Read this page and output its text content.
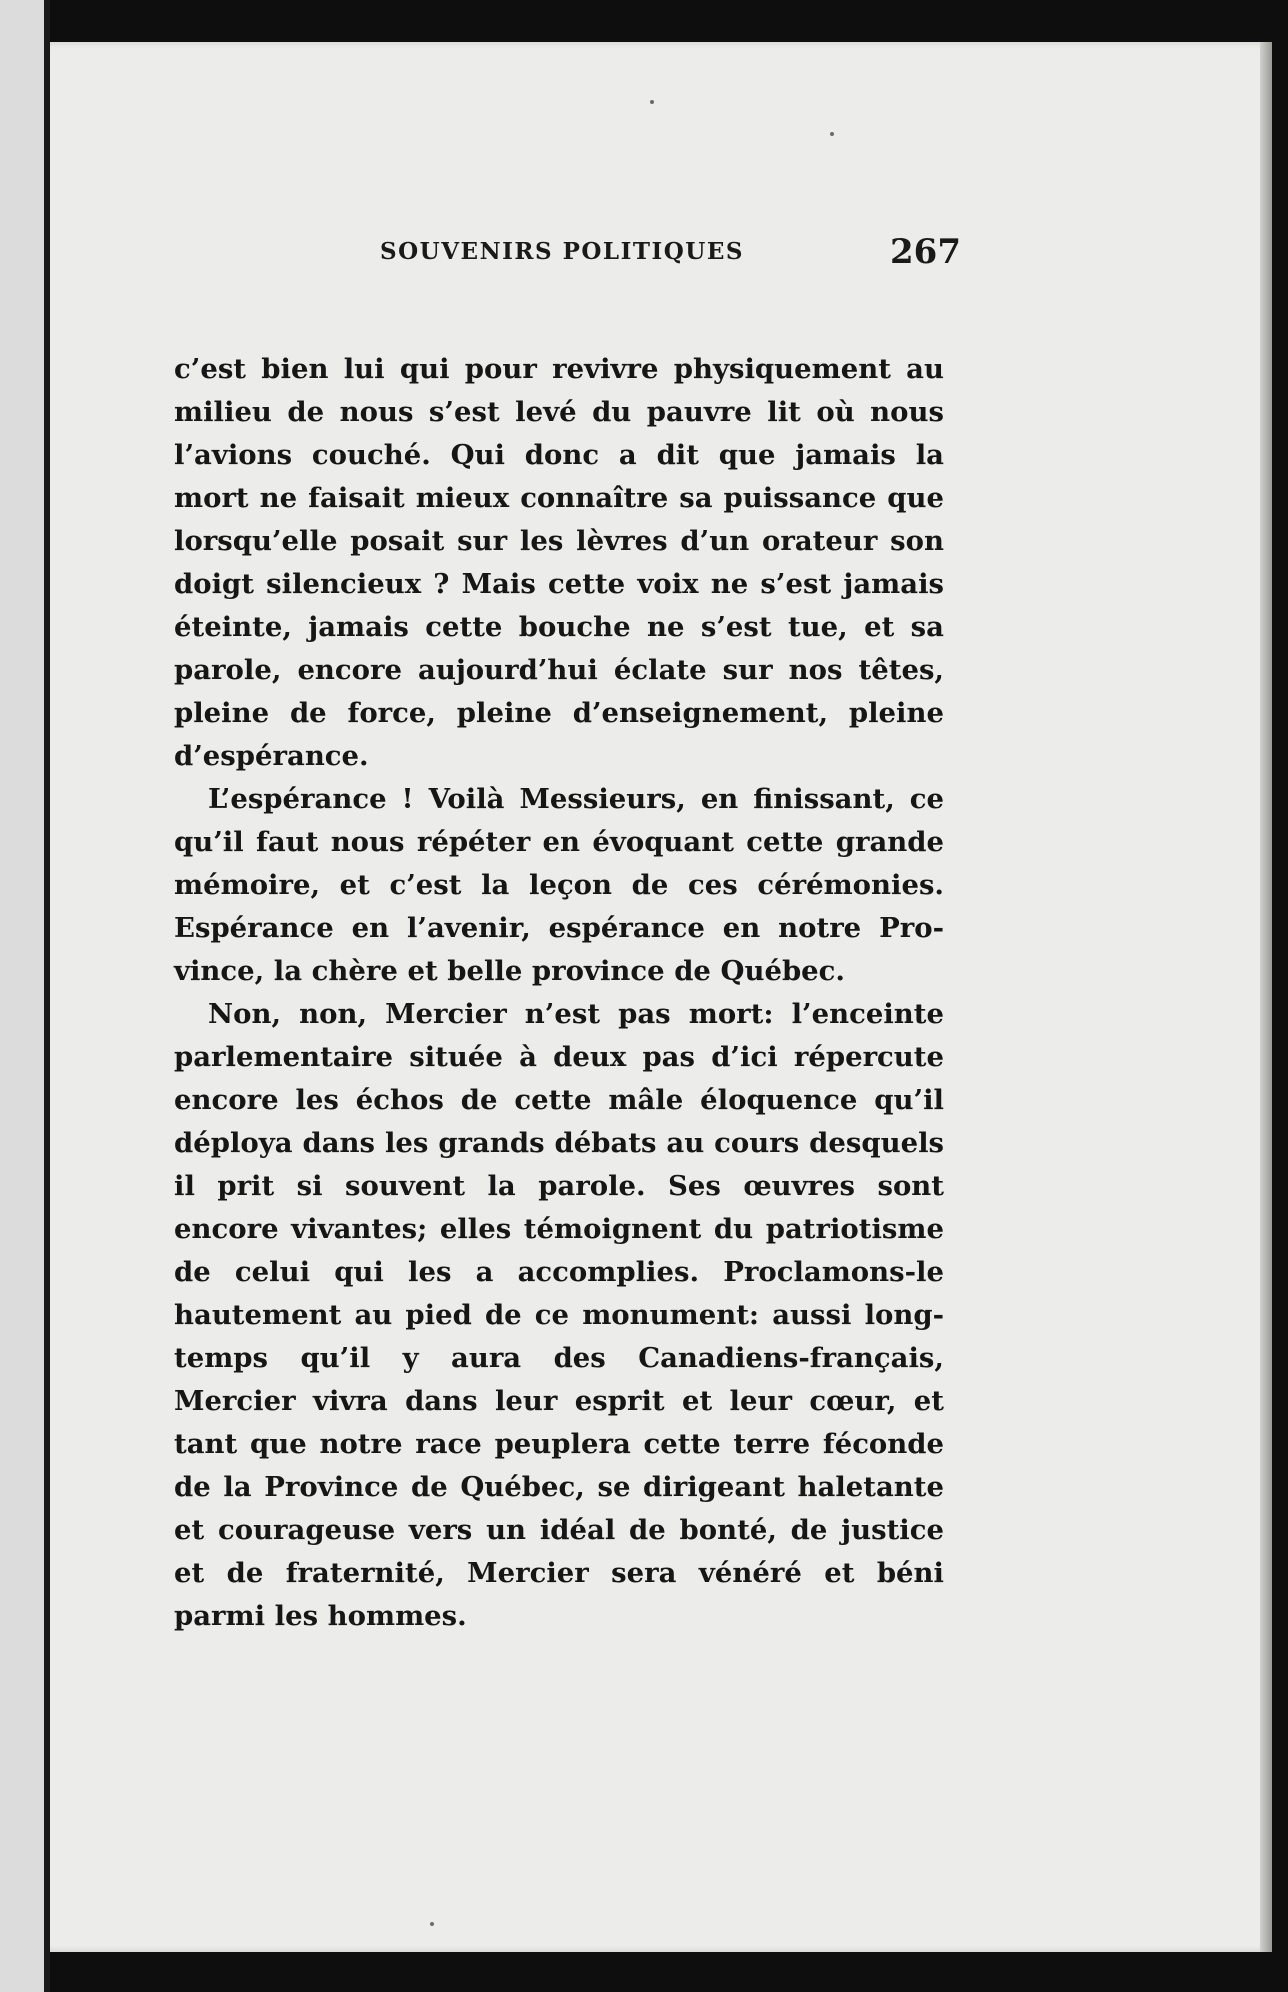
SOUVENIRS POLITIQUES	267

c’est bien lui qui pour revivre physiquement au milieu de nous s’est levé du pauvre lit où nous l’avions couché. Qui donc a dit que jamais la mort ne faisait mieux connaître sa puissance que lorsqu’elle posait sur les lèvres d’un orateur son doigt silencieux ? Mais cette voix ne s’est jamais éteinte, jamais cette bouche ne s’est tue, et sa parole, encore aujourd’hui éclate sur nos têtes, pleine de force, pleine d’enseignement, pleine d’espérance.

L’espérance ! Voilà Messieurs, en finissant, ce qu’il faut nous répéter en évoquant cette grande mémoire, et c’est la leçon de ces cérémonies. Espérance en l’avenir, espérance en notre Pro-vince, la chère et belle province de Québec.

Non, non, Mercier n’est pas mort: l’enceinte parlementaire située à deux pas d’ici répercute encore les échos de cette mâle éloquence qu’il déploya dans les grands débats au cours desquels il prit si souvent la parole. Ses œuvres sont encore vivantes; elles témoignent du patriotisme de celui qui les a accomplies. Proclamons-le hautement au pied de ce monument: aussi long-temps qu’il y aura des Canadiens-français, Mercier vivra dans leur esprit et leur cœur, et tant que notre race peuplera cette terre féconde de la Province de Québec, se dirigeant haletante et courageuse vers un idéal de bonté, de justice et de fraternité, Mercier sera vénéré et béni parmi les hommes.
